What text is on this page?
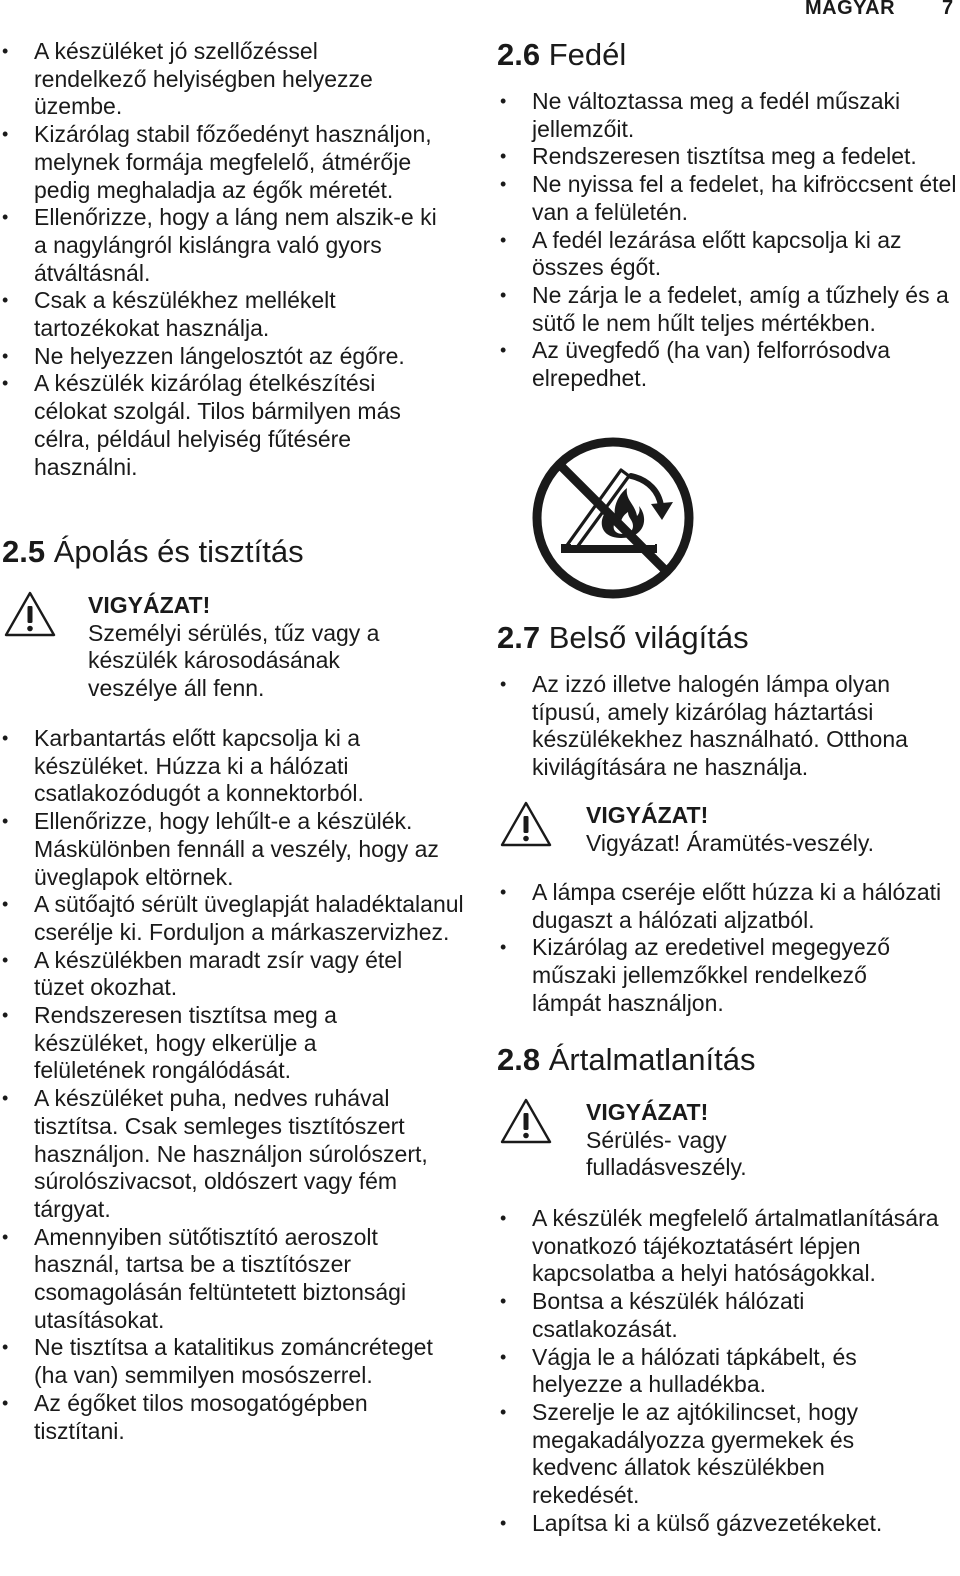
MAGYAR 7
• A készüléket jó szellőzéssel rendelkező helyiségben helyezze üzembe.
• Kizárólag stabil főzőedényt használjon, melynek formája megfelelő, átmérője pedig meghaladja az égők méretét.
• Ellenőrizze, hogy a láng nem alszik-e ki a nagylángról kislángra való gyors átváltásnál.
• Csak a készülékhez mellékelt tartozékokat használja.
• Ne helyezzen lángelosztót az égőre.
• A készülék kizárólag ételkészítési célokat szolgál. Tilos bármilyen más célra, például helyiség fűtésére használni.
2.5 Ápolás és tisztítás
VIGYÁZAT!
Személyi sérülés, tűz vagy a készülék károsodásának veszélye áll fenn.
• Karbantartás előtt kapcsolja ki a készüléket. Húzza ki a hálózati csatlakozódugót a konnektorból.
• Ellenőrizze, hogy lehűlt-e a készülék. Máskülönben fennáll a veszély, hogy az üveglapok eltörnek.
• A sütőajtó sérült üveglapját haladéktalanul cserélje ki. Forduljon a márkaszervizhez.
• A készülékben maradt zsír vagy étel tüzet okozhat.
• Rendszeresen tisztítsa meg a készüléket, hogy elkerülje a felületének rongálódását.
• A készüléket puha, nedves ruhával tisztítsa. Csak semleges tisztítószert használjon. Ne használjon súrolószert, súrolószivacsot, oldószert vagy fém tárgyat.
• Amennyiben sütőtisztító aeroszolt használ, tartsa be a tisztítószer csomagolásán feltüntetett biztonsági utasításokat.
• Ne tisztítsa a katalitikus zománcréteget (ha van) semmilyen mosószerrel.
• Az égőket tilos mosogatógépben tisztítani.
2.6 Fedél
• Ne változtassa meg a fedél műszaki jellemzőit.
• Rendszeresen tisztítsa meg a fedelet.
• Ne nyissa fel a fedelet, ha kifröccsent étel van a felületén.
• A fedél lezárása előtt kapcsolja ki az összes égőt.
• Ne zárja le a fedelet, amíg a tűzhely és a sütő le nem hűlt teljes mértékben.
• Az üvegfedő (ha van) felforrósodva elrepedhet.
2.7 Belső világítás
• Az izzó illetve halogén lámpa olyan típusú, amely kizárólag háztartási készülékekhez használható. Otthona kivilágítására ne használja.
VIGYÁZAT!
Vigyázat! Áramütés-veszély.
• A lámpa cseréje előtt húzza ki a hálózati dugaszt a hálózati aljzatból.
• Kizárólag az eredetivel megegyező műszaki jellemzőkkel rendelkező lámpát használjon.
2.8 Ártalmatlanítás
VIGYÁZAT!
Sérülés- vagy fulladásveszély.
• A készülék megfelelő ártalmatlanítására vonatkozó tájékoztatásért lépjen kapcsolatba a helyi hatóságokkal.
• Bontsa a készülék hálózati csatlakozását.
• Vágja le a hálózati tápkábelt, és helyezze a hulladékba.
• Szerelje le az ajtókilincset, hogy megakadályozza gyermekek és kedvenc állatok készülékben rekedését.
• Lapítsa ki a külső gázvezetékeket.
